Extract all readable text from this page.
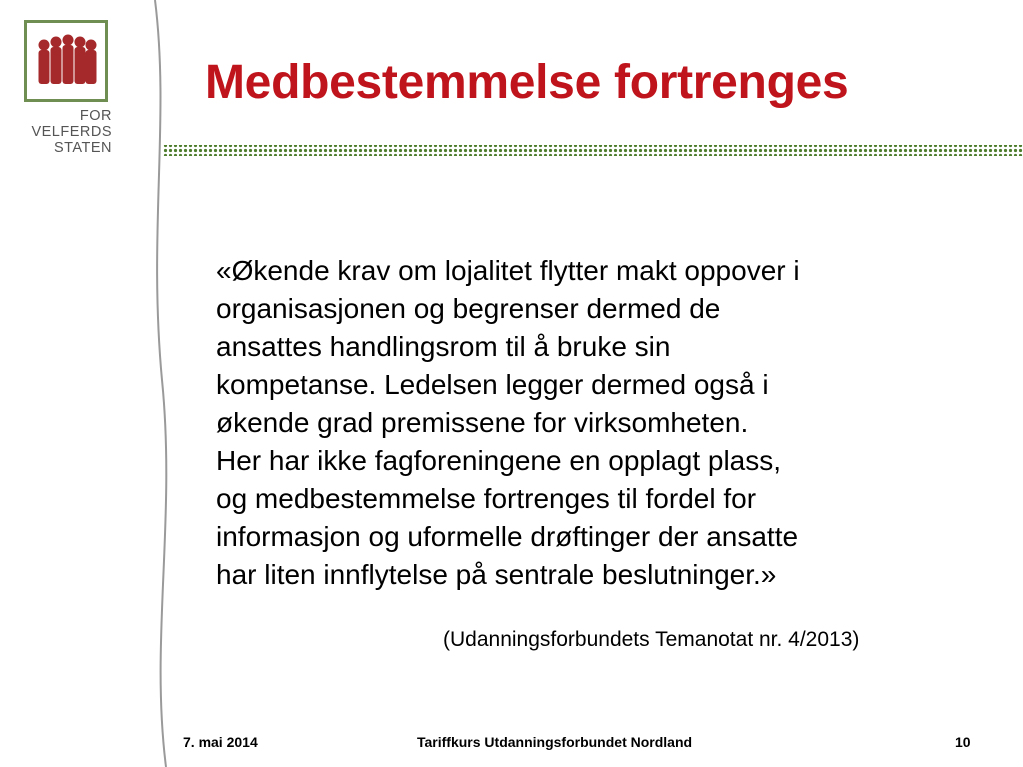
FOR
VELFERDS
STATEN
Medbestemmelse fortrenges

«Økende krav om lojalitet flytter makt oppover i

organisasjonen og begrenser dermed de

ansattes handlingsrom til å bruke sin

kompetanse. Ledelsen legger dermed også i

økende grad premissene for virksomheten.

Her har ikke fagforeningene en opplagt plass,

og medbestemmelse fortrenges til fordel for

informasjon og uformelle drøftinger der ansatte

har liten innflytelse på sentrale beslutninger.»

(Udanningsforbundets Temanotat nr. 4/2013)
7. mai 2014	Tariffkurs Utdanningsforbundet Nordland	10
